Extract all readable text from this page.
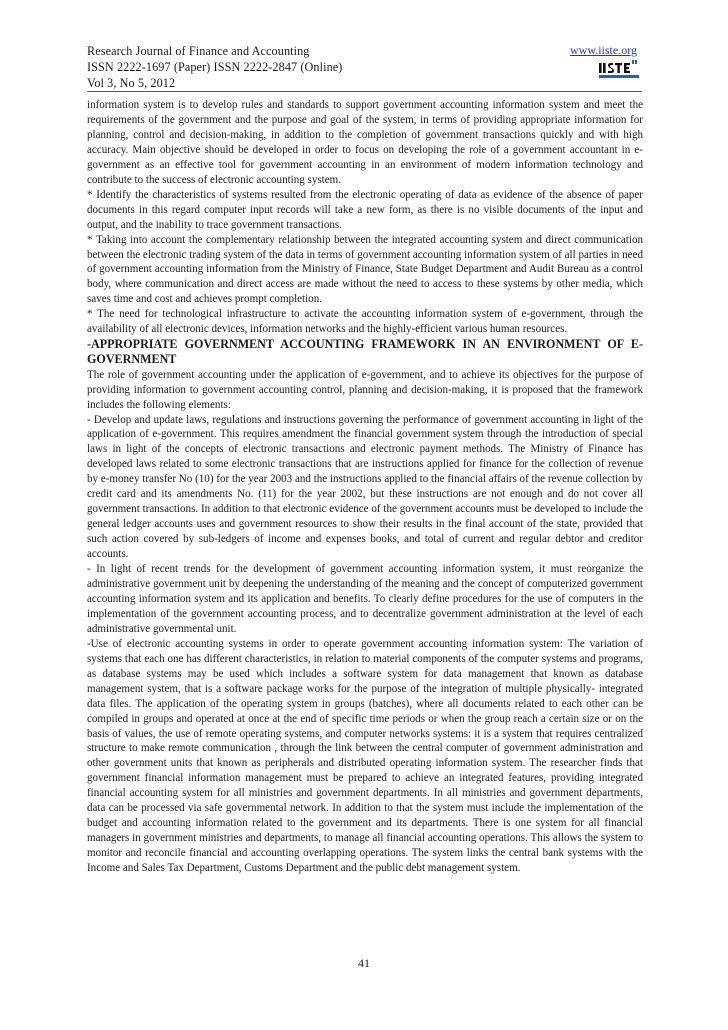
Research Journal of Finance and Accounting
ISSN 2222-1697 (Paper) ISSN 2222-2847 (Online)
Vol 3, No 5, 2012
www.iiste.org

information system is to develop rules and standards to support government accounting information system and meet the requirements of the government and the purpose and goal of the system, in terms of providing appropriate information for planning, control and decision-making, in addition to the completion of government transactions quickly and with high accuracy. Main objective should be developed in order to focus on developing the role of a government accountant in e-government as an effective tool for government accounting in an environment of modern information technology and contribute to the success of electronic accounting system.

* Identify the characteristics of systems resulted from the electronic operating of data as evidence of the absence of paper documents in this regard computer input records will take a new form, as there is no visible documents of the input and output, and the inability to trace government transactions.

* Taking into account the complementary relationship between the integrated accounting system and direct communication between the electronic trading system of the data in terms of government accounting information system of all parties in need of government accounting information from the Ministry of Finance, State Budget Department and Audit Bureau as a control body, where communication and direct access are made without the need to access to these systems by other media, which saves time and cost and achieves prompt completion.

* The need for technological infrastructure to activate the accounting information system of e-government, through the availability of all electronic devices, information networks and the highly-efficient various human resources.

-APPROPRIATE GOVERNMENT ACCOUNTING FRAMEWORK IN AN ENVIRONMENT OF E-GOVERNMENT

The role of government accounting under the application of e-government, and to achieve its objectives for the purpose of providing information to government accounting control, planning and decision-making, it is proposed that the framework includes the following elements:

- Develop and update laws, regulations and instructions governing the performance of government accounting in light of the application of e-government. This requires amendment the financial government system through the introduction of special laws in light of the concepts of electronic transactions and electronic payment methods. The Ministry of Finance has developed laws related to some electronic transactions that are instructions applied for finance for the collection of revenue by e-money transfer No (10) for the year 2003 and the instructions applied to the financial affairs of the revenue collection by credit card and its amendments No. (11) for the year 2002, but these instructions are not enough and do not cover all government transactions. In addition to that electronic evidence of the government accounts must be developed to include the general ledger accounts uses and government resources to show their results in the final account of the state, provided that such action covered by sub-ledgers of income and expenses books, and total of current and regular debtor and creditor accounts.

- In light of recent trends for the development of government accounting information system, it must reorganize the administrative government unit by deepening the understanding of the meaning and the concept of computerized government accounting information system and its application and benefits. To clearly define procedures for the use of computers in the implementation of the government accounting process, and to decentralize government administration at the level of each administrative governmental unit.

-Use of electronic accounting systems in order to operate government accounting information system: The variation of systems that each one has different characteristics, in relation to material components of the computer systems and programs, as database systems may be used which includes a software system for data management that known as database management system, that is a software package works for the purpose of the integration of multiple physically- integrated data files. The application of the operating system in groups (batches), where all documents related to each other can be compiled in groups and operated at once at the end of specific time periods or when the group reach a certain size or on the basis of values, the use of remote operating systems, and computer networks systems: it is a system that requires centralized structure to make remote communication , through the link between the central computer of government administration and other government units that known as peripherals and distributed operating information system. The researcher finds that government financial information management must be prepared to achieve an integrated features, providing integrated financial accounting system for all ministries and government departments. In all ministries and government departments, data can be processed via safe governmental network. In addition to that the system must include the implementation of the budget and accounting information related to the government and its departments. There is one system for all financial managers in government ministries and departments, to manage all financial accounting operations. This allows the system to monitor and reconcile financial and accounting overlapping operations. The system links the central bank systems with the Income and Sales Tax Department, Customs Department and the public debt management system.

41
